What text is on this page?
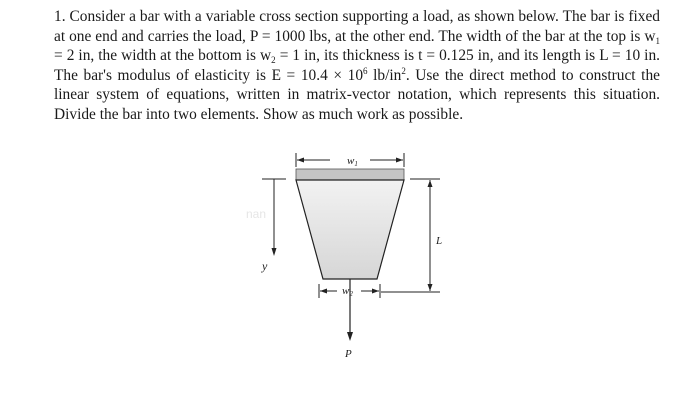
1. Consider a bar with a variable cross section supporting a load, as shown below. The bar is fixed at one end and carries the load, P = 1000 lbs, at the other end. The width of the bar at the top is $w_1 = 2$ in, the width at the bottom is $w_2 = 1$ in, its thickness is t = 0.125 in, and its length is L = 10 in. The bar's modulus of elasticity is $E = 10.4 \times 10^6$ $lb/in^2$. Use the direct method to construct the linear system of equations, written in matrix-vector notation, which represents this situation. Divide the bar into two elements. Show as much work as possible.
w1
nan
y
L
w2
P
